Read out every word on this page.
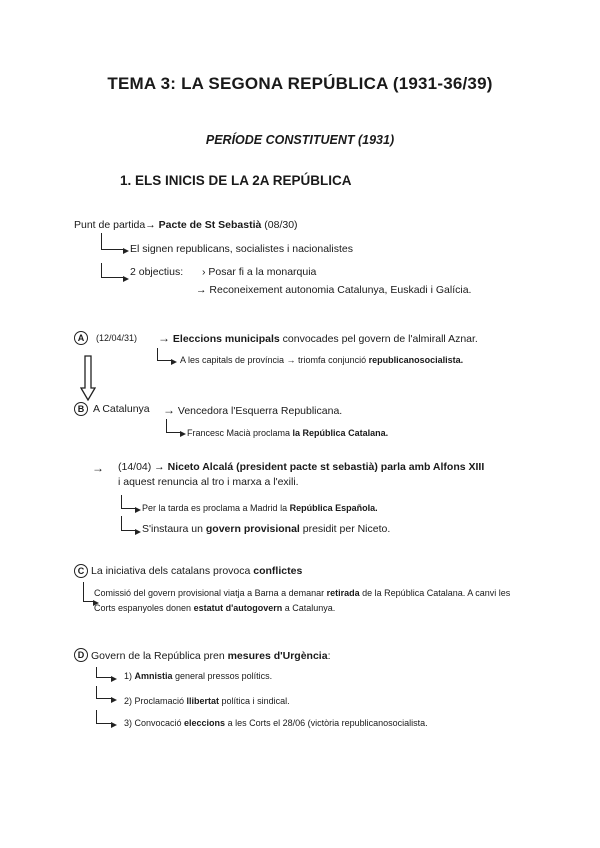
TEMA 3: LA SEGONA REPÚBLICA (1931-36/39)
PERÍODE CONSTITUENT (1931)
1. ELS INICIS DE LA 2A REPÚBLICA
Punt de partida→ Pacte de St Sebastià (08/30)
El signen republicans, socialistes i nacionalistes
2 objectius: › Posar fi a la monarquia
→ Reconeixement autonomia Catalunya, Euskadi i Galícia.
A	(12/04/31) → Eleccions municipals convocades pel govern de l'almirall Aznar.
A les capitals de província → triomfa conjunció republicanosocialista.
B A Catalunya → Vencedora l'Esquerra Republicana.
Francesc Macià proclama la República Catalana.
→ (14/04) → Niceto Alcalá (president pacte st sebastià) parla amb Alfons XIII i aquest renuncia al tro i marxa a l'exili.
Per la tarda es proclama a Madrid la República Española.
S'instaura un govern provisional presidit per Niceto.
C La iniciativa dels catalans provoca conflictes
Comissió del govern provisional viatja a Barna a demanar retirada de la República Catalana. A canvi les Corts espanyoles donen estatut d'autogovern a Catalunya.
D Govern de la República pren mesures d'Urgència:
1) Amnistia general pressos polítics.
2) Proclamació llibertat política i sindical.
3) Convocació eleccions a les Corts el 28/06 (victòria republicanosocialista.
